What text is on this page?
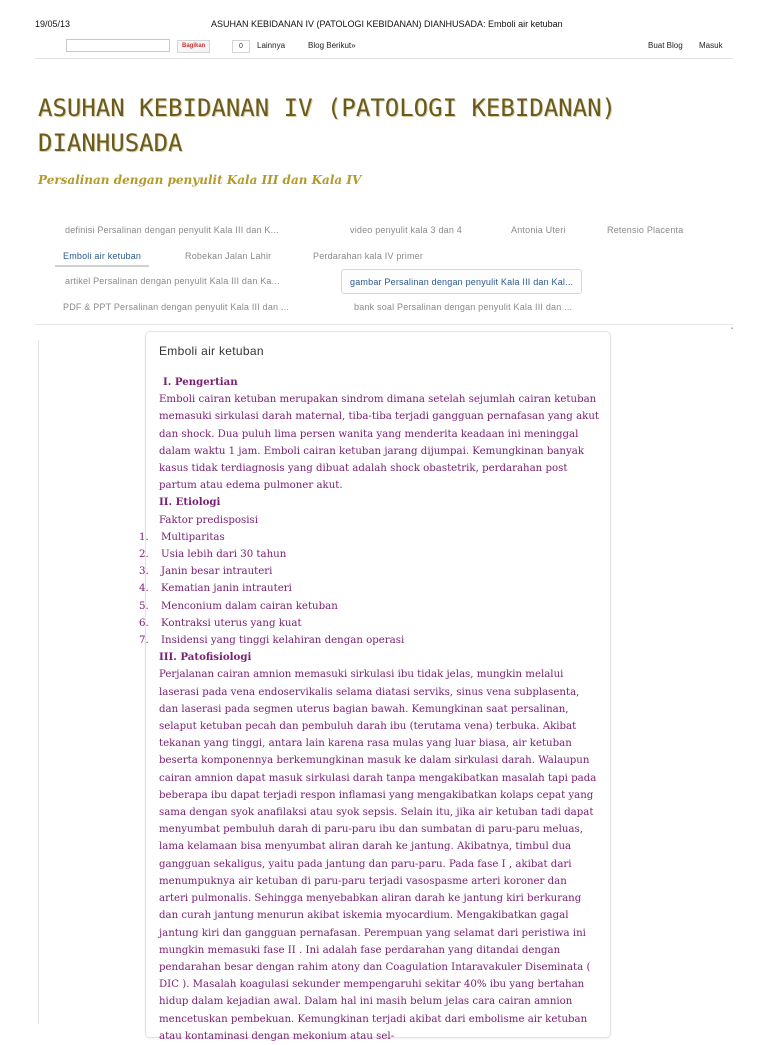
19/05/13	ASUHAN KEBIDANAN IV (PATOLOGI KEBIDANAN) DIANHUSADA: Emboli air ketuban
Bagikan	0	Lainnya	Blog Berikut»	Buat Blog Masuk
ASUHAN KEBIDANAN IV (PATOLOGI KEBIDANAN) DIANHUSADA
Persalinan dengan penyulit Kala III dan Kala IV
definisi Persalinan dengan penyulit Kala III dan K...	video penyulit kala 3 dan 4	Antonia Uteri	Retensio Placenta
Emboli air ketuban	Robekan Jalan Lahir	Perdarahan kala IV primer
artikel Persalinan dengan penyulit Kala III dan Ka...	gambar Persalinan dengan penyulit Kala III dan Kal...
PDF & PPT Persalinan dengan penyulit Kala III dan ...	bank soal Persalinan dengan penyulit Kala III dan ...
▪
Emboli air ketuban

I. Pengertian

Emboli cairan ketuban merupakan sindrom dimana setelah sejumlah cairan ketuban memasuki sirkulasi darah maternal, tiba-tiba terjadi gangguan pernafasan yang akut dan shock. Dua puluh lima persen wanita yang menderita keadaan ini meninggal dalam waktu 1 jam. Emboli cairan ketuban jarang dijumpai. Kemungkinan banyak kasus tidak terdiagnosis yang dibuat adalah shock obastetrik, perdarahan post partum atau edema pulmoner akut.

II. Etiologi

Faktor predisposisi

1. Multiparitas
2. Usia lebih dari 30 tahun
3. Janin besar intrauteri
4. Kematian janin intrauteri
5. Menconium dalam cairan ketuban
6. Kontraksi uterus yang kuat
7. Insidensi yang tinggi kelahiran dengan operasi

III. Patofisiologi

Perjalanan cairan amnion memasuki sirkulasi ibu tidak jelas, mungkin melalui laserasi pada vena endoservikalis selama diatasi serviks, sinus vena subplasenta, dan laserasi pada segmen uterus bagian bawah. Kemungkinan saat persalinan, selaput ketuban pecah dan pembuluh darah ibu (terutama vena) terbuka. Akibat tekanan yang tinggi, antara lain karena rasa mulas yang luar biasa, air ketuban beserta komponennya berkemungkinan masuk ke dalam sirkulasi darah. Walaupun cairan amnion dapat masuk sirkulasi darah tanpa mengakibatkan masalah tapi pada beberapa ibu dapat terjadi respon inflamasi yang mengakibatkan kolaps cepat yang sama dengan syok anafilaksi atau syok sepsis. Selain itu, jika air ketuban tadi dapat menyumbat pembuluh darah di paru-paru ibu dan sumbatan di paru-paru meluas, lama kelamaan bisa menyumbat aliran darah ke jantung. Akibatnya, timbul dua gangguan sekaligus, yaitu pada jantung dan paru-paru. Pada fase I , akibat dari menumpuknya air ketuban di paru-paru terjadi vasospasme arteri koroner dan arteri pulmonalis. Sehingga menyebabkan aliran darah ke jantung kiri berkurang dan curah jantung menurun akibat iskemia myocardium. Mengakibatkan gagal jantung kiri dan gangguan pernafasan. Perempuan yang selamat dari peristiwa ini mungkin memasuki fase II . Ini adalah fase perdarahan yang ditandai dengan pendarahan besar dengan rahim atony dan Coagulation Intaravakuler Diseminata ( DIC ). Masalah koagulasi sekunder mempengaruhi sekitar 40% ibu yang bertahan hidup dalam kejadian awal. Dalam hal ini masih belum jelas cara cairan amnion mencetuskan pembekuan. Kemungkinan terjadi akibat dari embolisme air ketuban atau kontaminasi dengan mekonium atau sel-
